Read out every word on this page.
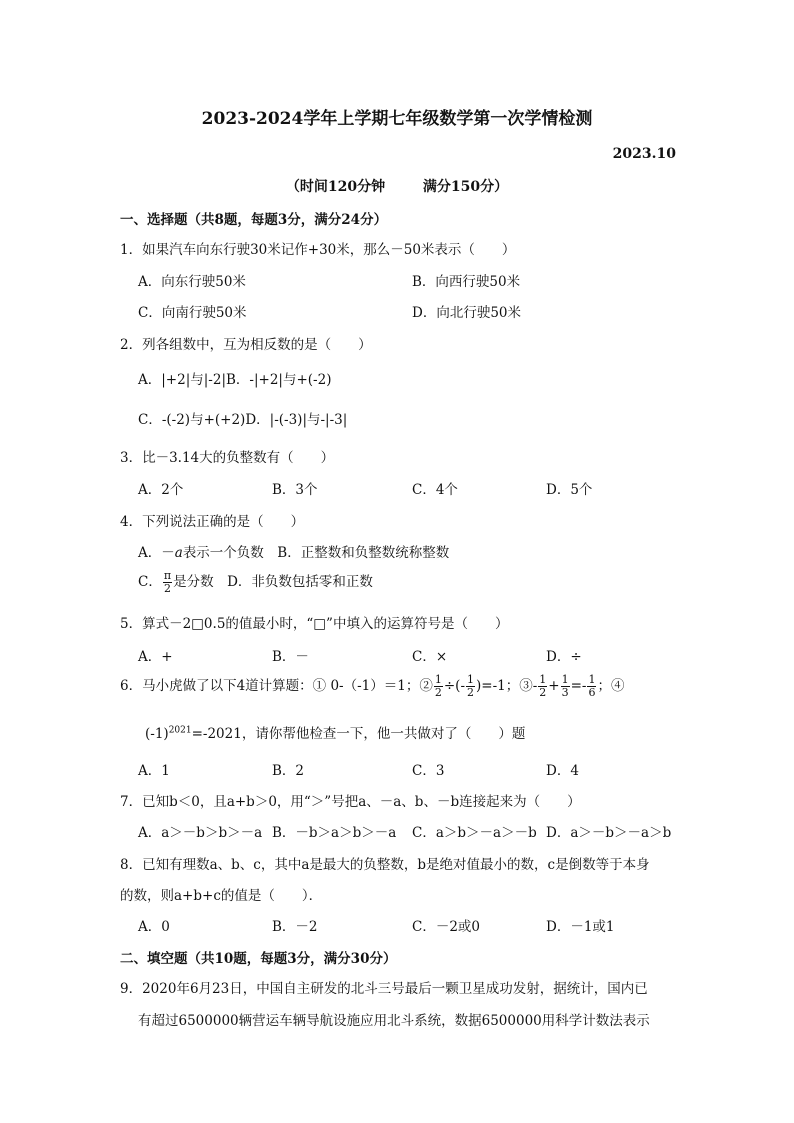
2023-2024学年上学期七年级数学第一次学情检测
2023.10
（时间120分钟	满分150分）
一、选择题（共8题，每题3分，满分24分）
1．如果汽车向东行驶30米记作+30米，那么－50米表示（　　）
A．向东行驶50米	B．向西行驶50米
C．向南行驶50米	D．向北行驶50米
2．列各组数中，互为相反数的是（　　）
A．|+2|与|-2|B．-|+2|与+(-2)
C．-(-2)与+(+2)D．|-(-3)|与-|-3|
3．比－3.14大的负整数有（　　）
A．2个	B．3个	C．4个	D．5个
4．下列说法正确的是（　　）
A．－a表示一个负数　B．正整数和负整数统称整数
C． $\frac{\pi}{2}$ 是分数　D．非负数包括零和正数
5．算式－2□0.5的值最小时，“□”中填入的运算符号是（　　）
A．+	B．－	C．×	D．÷
6．马小虎做了以下4道计算题：① 0-（-1）＝1；② $\frac{1}{2}$ ÷(- $\frac{1}{2} )=-1$；③- $\frac{1}{2} + \frac{1}{3} =- \frac{1}{6}$ ；④
$(-1)^{2021}=-2021$，请你帮他检查一下，他一共做对了（　　）题
A．1	B．2	C．3	D．4
7．已知b＜0，且a+b＞0，用“＞”号把a、－a、b、－b连接起来为（　　）
A．a＞－b＞b＞－a B．－b＞a＞b＞－a C．a＞b＞－a＞－b D．a＞－b＞－a＞b
8．已知有理数a、b、c，其中a是最大的负整数，b是绝对值最小的数，c是倒数等于本身
的数，则a+b+c的值是（　　）．
A．0	B．－2	C．－2或0	D．－1或1
二、填空题（共10题，每题3分，满分30分）
9．2020年6月23日，中国自主研发的北斗三号最后一颗卫星成功发射，据统计，国内已
有超过6500000辆营运车辆导航设施应用北斗系统，数据6500000用科学计数法表示
